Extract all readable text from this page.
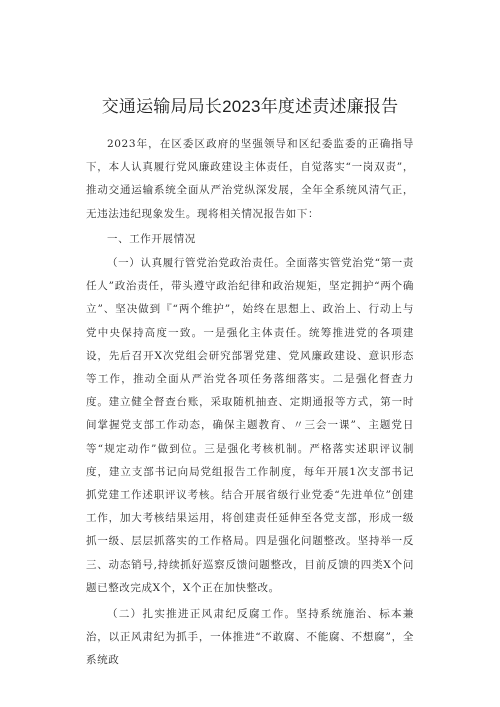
交通运输局局长2023年度述责述廉报告

2023年，在区委区政府的坚强领导和区纪委监委的正确指导下，本人认真履行党风廉政建设主体责任，自觉落实“一岗双责”，推动交通运输系统全面从严治党纵深发展，全年全系统风清气正，无违法违纪现象发生。现将相关情况报告如下：

一、工作开展情况

（一）认真履行管党治党政治责任。全面落实管党治党“第一责任人”政治责任，带头遵守政治纪律和政治规矩，坚定拥护“两个确立”、坚决做到『“两个维护”，始终在思想上、政治上、行动上与党中央保持高度一致。一是强化主体责任。统筹推进党的各项建设，先后召开X次党组会研究部署党建、党风廉政建设、意识形态等工作，推动全面从严治党各项任务落细落实。二是强化督查力度。建立健全督查台账，采取随机抽查、定期通报等方式，第一时间掌握党支部工作动态，确保主题教育、〃三会一课”、主题党日等“规定动作”做到位。三是强化考核机制。严格落实述职评议制度，建立支部书记向局党组报告工作制度，每年开展1次支部书记抓党建工作述职评议考核。结合开展省级行业党委“先进单位”创建工作，加大考核结果运用，将创建责任延伸至各党支部，形成一级抓一级、层层抓落实的工作格局。四是强化问题整改。坚持举一反三、动态销号,持续抓好巡察反馈问题整改，目前反馈的四类X个问题已整改完成X个，X个正在加快整改。

（二）扎实推进正风肃纪反腐工作。坚持系统施治、标本兼治，以正风肃纪为抓手，一体推进“不敢腐、不能腐、不想腐”，全系统政
